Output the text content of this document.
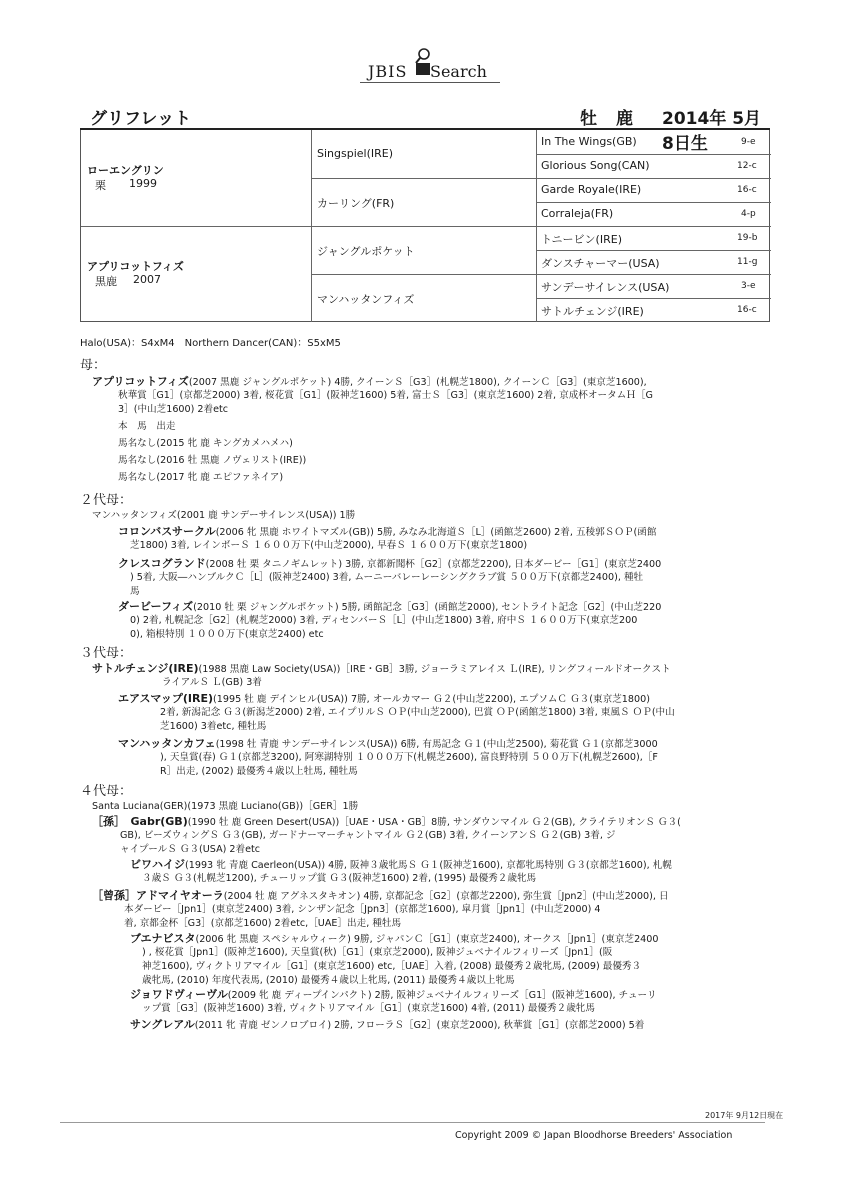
JBIS Search
グリフレット	牡 鹿 2014年 5月 8日生
ローエングリン
栗 1999
アプリコットフィズ
黒鹿 2007
Singspiel(IRE)
カーリング(FR)
ジャングルポケット
マンハッタンフィズ
In The Wings(GB)
Glorious Song(CAN)
Garde Royale(IRE)
Corraleja(FR)
トニービン(IRE)
ダンスチャーマー(USA)
サンデーサイレンス(USA)
サトルチェンジ(IRE)
9-e
12-c
16-c
4-p
19-b
11-g
3-e
16-c
Halo(USA)：S4xM4　Northern Dancer(CAN)：S5xM5
母：
２代母：
３代母：
４代母：
アプリコットフィズ(2007 黒鹿 ジャングルポケット) 4勝, クイーンＳ［G3］(札幌芝1800), クイーンＣ［G3］(東京芝1600),
秋華賞［G1］(京都芝2000) 3着, 桜花賞［G1］(阪神芝1600) 5着, 富士Ｓ［G3］(東京芝1600) 2着, 京成杯オータムＨ［G
3］(中山芝1600) 2着etc
本　馬　出走
馬名なし(2015 牝 鹿 キングカメハメハ)
馬名なし(2016 牡 黒鹿 ノヴェリスト(IRE))
馬名なし(2017 牝 鹿 エピファネイア)
マンハッタンフィズ(2001 鹿 サンデーサイレンス(USA)) 1勝
コロンバスサークル(2006 牝 黒鹿 ホワイトマズル(GB)) 5勝, みなみ北海道Ｓ［L］(函館芝2600) 2着, 五稜郭ＳＯＰ(函館
芝1800) 3着, レインボーＳ １６００万下(中山芝2000), 早春Ｓ １６００万下(東京芝1800)
クレスコグランド(2008 牡 栗 タニノギムレット) 3勝, 京都新聞杯［G2］(京都芝2200), 日本ダービー［G1］(東京芝2400
) 5着, 大阪―ハンブルクＣ［L］(阪神芝2400) 3着, ムーニーバレーレーシングクラブ賞 ５００万下(京都芝2400), 種牡
馬
ダービーフィズ(2010 牡 栗 ジャングルポケット) 5勝, 函館記念［G3］(函館芝2000), セントライト記念［G2］(中山芝220
0) 2着, 札幌記念［G2］(札幌芝2000) 3着, ディセンバーＳ［L］(中山芝1800) 3着, 府中Ｓ １６００万下(東京芝200
0), 箱根特別 １０００万下(東京芝2400) etc
サトルチェンジ(IRE)(1988 黒鹿 Law Society(USA))［IRE・GB］3勝, ジョーラミアレイス Ｌ(IRE), リングフィールドオークスト
ライアルＳ Ｌ(GB) 3着
エアスマップ(IRE)(1995 牡 鹿 デインヒル(USA)) 7勝, オールカマー Ｇ２(中山芝2200), エプソムＣ Ｇ３(東京芝1800)
2着, 新潟記念 Ｇ３(新潟芝2000) 2着, エイプリルＳ ＯＰ(中山芝2000), 巴賞 ＯＰ(函館芝1800) 3着, 東風Ｓ ＯＰ(中山
芝1600) 3着etc, 種牡馬
マンハッタンカフェ(1998 牡 青鹿 サンデーサイレンス(USA)) 6勝, 有馬記念 Ｇ１(中山芝2500), 菊花賞 Ｇ１(京都芝3000
), 天皇賞(春) Ｇ１(京都芝3200), 阿寒湖特別 １０００万下(札幌芝2600), 富良野特別 ５００万下(札幌芝2600),［F
R］出走, (2002) 最優秀４歳以上牡馬, 種牡馬
Santa Luciana(GER)(1973 黒鹿 Luciano(GB))［GER］1勝
［孫］　Gabr(GB)(1990 牡 鹿 Green Desert(USA))［UAE・USA・GB］8勝, サンダウンマイル Ｇ２(GB), クライテリオンＳ Ｇ３(
GB), ビーズウィングＳ Ｇ３(GB), ガードナーマーチャントマイル Ｇ２(GB) 3着, クイーンアンＳ Ｇ２(GB) 3着, ジ
ャイプールＳ Ｇ３(USA) 2着etc
ビワハイジ(1993 牝 青鹿 Caerleon(USA)) 4勝, 阪神３歳牝馬Ｓ Ｇ１(阪神芝1600), 京都牝馬特別 Ｇ３(京都芝1600), 札幌
３歳Ｓ Ｇ３(札幌芝1200), チューリップ賞 Ｇ３(阪神芝1600) 2着, (1995) 最優秀２歳牝馬
［曾孫］アドマイヤオーラ(2004 牡 鹿 アグネスタキオン) 4勝, 京都記念［G2］(京都芝2200), 弥生賞［Jpn2］(中山芝2000), 日
本ダービー［Jpn1］(東京芝2400) 3着, シンザン記念［Jpn3］(京都芝1600), 皐月賞［Jpn1］(中山芝2000) 4
着, 京都金杯［G3］(京都芝1600) 2着etc,［UAE］出走, 種牡馬
ブエナビスタ(2006 牝 黒鹿 スペシャルウィーク) 9勝, ジャパンＣ［G1］(東京芝2400), オークス［Jpn1］(東京芝2400
) , 桜花賞［Jpn1］(阪神芝1600), 天皇賞(秋)［G1］(東京芝2000), 阪神ジュベナイルフィリーズ［Jpn1］(阪
神芝1600), ヴィクトリアマイル［G1］(東京芝1600) etc,［UAE］入着, (2008) 最優秀２歳牝馬, (2009) 最優秀３
歳牝馬, (2010) 年度代表馬, (2010) 最優秀４歳以上牝馬, (2011) 最優秀４歳以上牝馬
ジョワドヴィーヴル(2009 牝 鹿 ディープインパクト) 2勝, 阪神ジュベナイルフィリーズ［G1］(阪神芝1600), チューリ
ップ賞［G3］(阪神芝1600) 3着, ヴィクトリアマイル［G1］(東京芝1600) 4着, (2011) 最優秀２歳牝馬
サングレアル(2011 牝 青鹿 ゼンノロブロイ) 2勝, フローラＳ［G2］(東京芝2000), 秋華賞［G1］(京都芝2000) 5着
2017年 9月12日現在
Copyright 2009 © Japan Bloodhorse Breeders' Association
